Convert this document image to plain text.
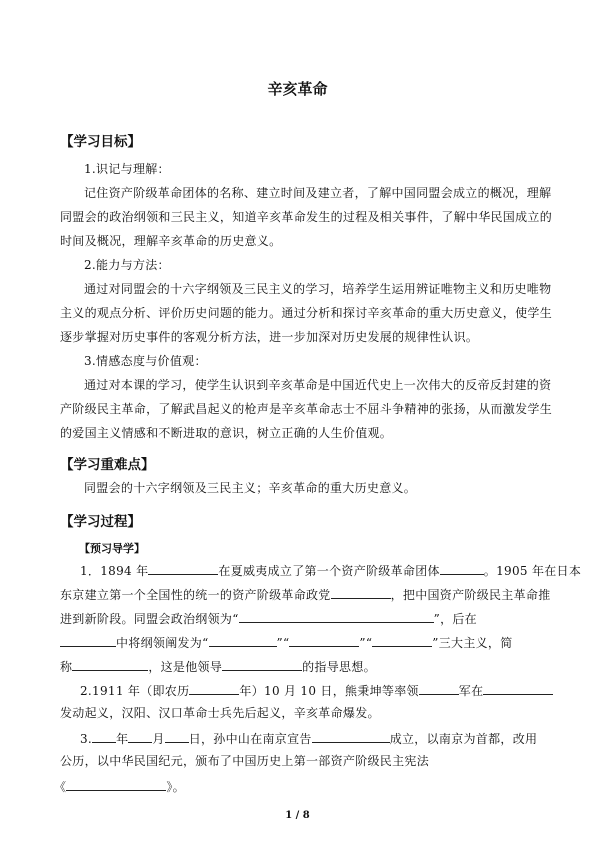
辛亥革命
【学习目标】
1.识记与理解：
记住资产阶级革命团体的名称、建立时间及建立者，了解中国同盟会成立的概况，理解
同盟会的政治纲领和三民主义，知道辛亥革命发生的过程及相关事件，了解中华民国成立的
时间及概况，理解辛亥革命的历史意义。
2.能力与方法：
通过对同盟会的十六字纲领及三民主义的学习，培养学生运用辨证唯物主义和历史唯物
主义的观点分析、评价历史问题的能力。通过分析和探讨辛亥革命的重大历史意义，使学生
逐步掌握对历史事件的客观分析方法，进一步加深对历史发展的规律性认识。
3.情感态度与价值观：
通过对本课的学习，使学生认识到辛亥革命是中国近代史上一次伟大的反帝反封建的资
产阶级民主革命，了解武昌起义的枪声是辛亥革命志士不屈斗争精神的张扬，从而激发学生
的爱国主义情感和不断进取的意识，树立正确的人生价值观。
【学习重难点】
同盟会的十六字纲领及三民主义；辛亥革命的重大历史意义。
【学习过程】
【预习导学】
1．1894 年	在夏威夷成立了第一个资产阶级革命团体	。1905 年在日本
东京建立第一个全国性的统一的资产阶级革命政党	，把中国资产阶级民主革命推
进到新阶段。同盟会政治纲领为“	”，后在
中将纲领阐发为“	”“	”“	”三大主义，简
称	，这是他领导	的指导思想。
2.1911 年（即农历	年）10 月 10 日，熊秉坤等率领	军在
发动起义，汉阳、汉口革命士兵先后起义，辛亥革命爆发。
3. 年 月 日，孙中山在南京宣告	成立，以南京为首都，改用
公历，以中华民国纪元，颁布了中国历史上第一部资产阶级民主宪法
1 / 8
《	》。
